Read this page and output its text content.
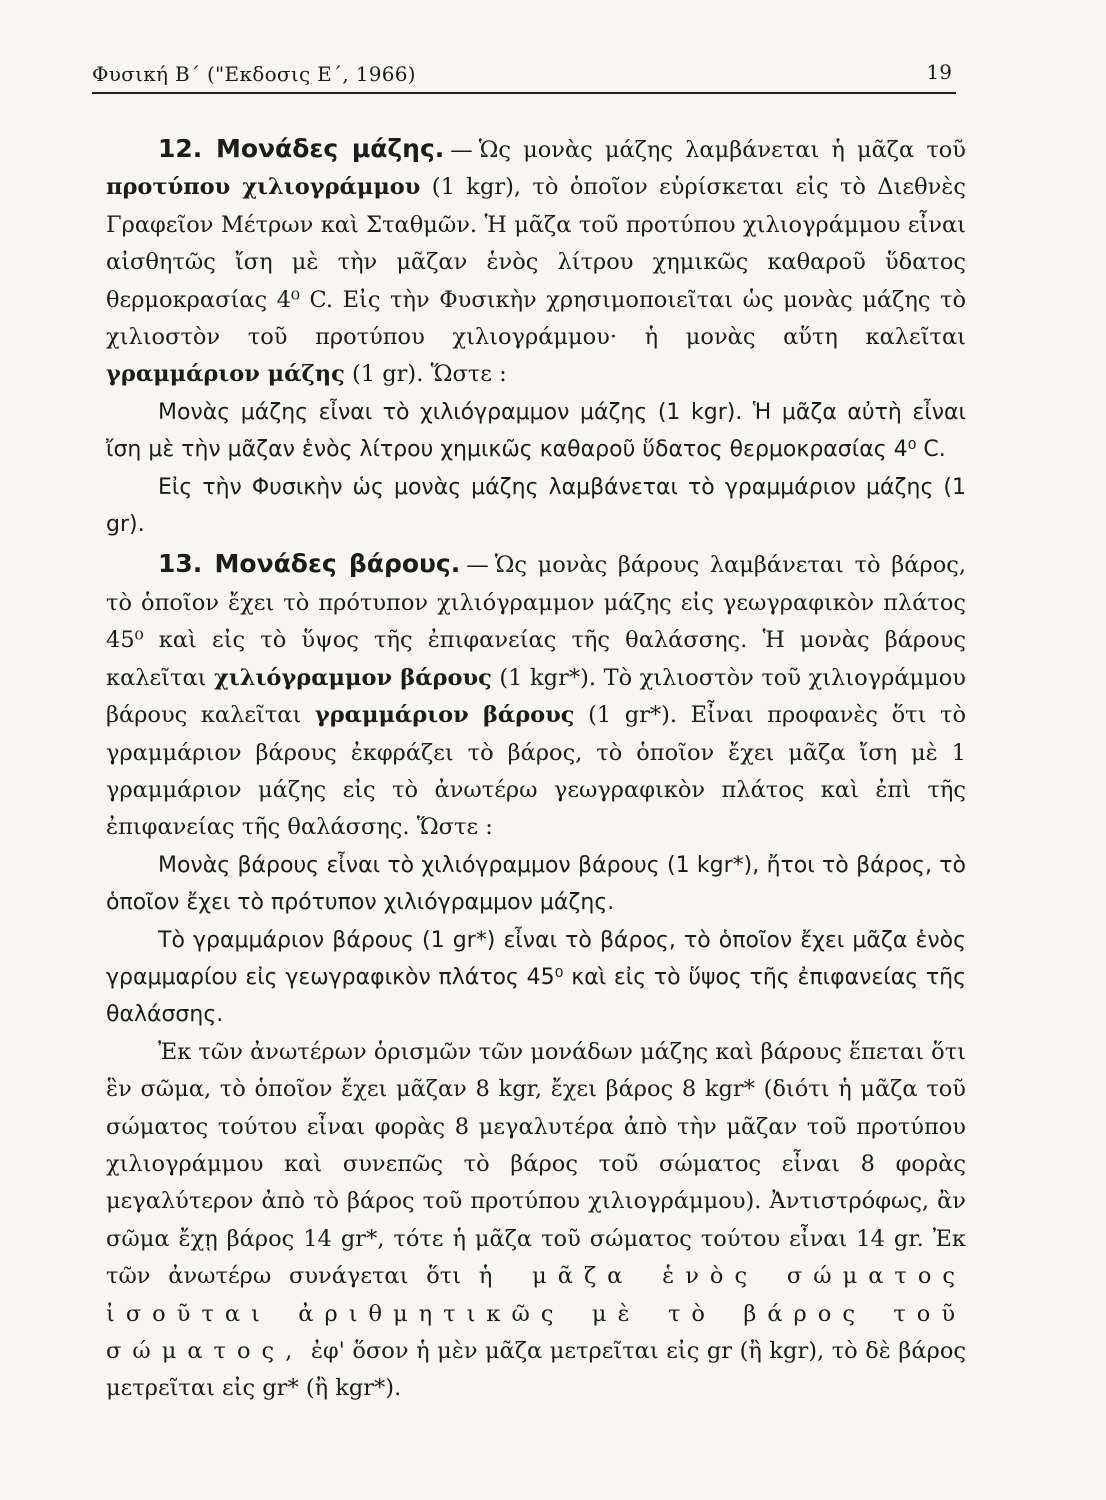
Φυσική Β΄ ("Εκδοσις Ε΄, 1966)	19

12. Μονάδες μάζης. — Ὡς μονὰς μάζης λαμβάνεται ἡ μᾶζα τοῦ προτύπου χιλιογράμμου (1 kgr), τὸ ὁποῖον εὑρίσκεται εἰς τὸ Διεθνὲς Γραφεῖον Μέτρων καὶ Σταθμῶν. Ἡ μᾶζα τοῦ προτύπου χιλιογράμμου εἶναι αἰσθητῶς ἴση μὲ τὴν μᾶζαν ἑνὸς λίτρου χημικῶς καθαροῦ ὕδατος θερμοκρασίας 4⁰ C. Εἰς τὴν Φυσικὴν χρησιμοποιεῖται ὡς μονὰς μάζης τὸ χιλιοστὸν τοῦ προτύπου χιλιογράμμου· ἡ μονὰς αὕτη καλεῖται γραμμάριον μάζης (1 gr). Ὥστε :

Μονὰς μάζης εἶναι τὸ χιλιόγραμμον μάζης (1 kgr). Ἡ μᾶζα αὐτὴ εἶναι ἴση μὲ τὴν μᾶζαν ἑνὸς λίτρου χημικῶς καθαροῦ ὕδατος θερμοκρασίας 4⁰ C.

Εἰς τὴν Φυσικὴν ὡς μονὰς μάζης λαμβάνεται τὸ γραμμάριον μάζης (1 gr).

13. Μονάδες βάρους. — Ὡς μονὰς βάρους λαμβάνεται τὸ βάρος, τὸ ὁποῖον ἔχει τὸ πρότυπον χιλιόγραμμον μάζης εἰς γεωγραφικὸν πλάτος 45⁰ καὶ εἰς τὸ ὕψος τῆς ἐπιφανείας τῆς θαλάσσης. Ἡ μονὰς βάρους καλεῖται χιλιόγραμμον βάρους (1 kgr*). Τὸ χιλιοστὸν τοῦ χιλιογράμμου βάρους καλεῖται γραμμάριον βάρους (1 gr*). Εἶναι προφανὲς ὅτι τὸ γραμμάριον βάρους ἐκφράζει τὸ βάρος, τὸ ὁποῖον ἔχει μᾶζα ἴση μὲ 1 γραμμάριον μάζης εἰς τὸ ἀνωτέρω γεωγραφικὸν πλάτος καὶ ἐπὶ τῆς ἐπιφανείας τῆς θαλάσσης. Ὥστε :

Μονὰς βάρους εἶναι τὸ χιλιόγραμμον βάρους (1 kgr*), ἤτοι τὸ βάρος, τὸ ὁποῖον ἔχει τὸ πρότυπον χιλιόγραμμον μάζης.

Τὸ γραμμάριον βάρους (1 gr*) εἶναι τὸ βάρος, τὸ ὁποῖον ἔχει μᾶζα ἑνὸς γραμμαρίου εἰς γεωγραφικὸν πλάτος 45⁰ καὶ εἰς τὸ ὕψος τῆς ἐπιφανείας τῆς θαλάσσης.

Ἐκ τῶν ἀνωτέρων ὁρισμῶν τῶν μονάδων μάζης καὶ βάρους ἕπεται ὅτι ἓν σῶμα, τὸ ὁποῖον ἔχει μᾶζαν 8 kgr, ἔχει βάρος 8 kgr* (διότι ἡ μᾶζα τοῦ σώματος τούτου εἶναι φορὰς 8 μεγαλυτέρα ἀπὸ τὴν μᾶζαν τοῦ προτύπου χιλιογράμμου καὶ συνεπῶς τὸ βάρος τοῦ σώματος εἶναι 8 φορὰς μεγαλύτερον ἀπὸ τὸ βάρος τοῦ προτύπου χιλιογράμμου). Ἀντιστρόφως, ἂν σῶμα ἔχῃ βάρος 14 gr*, τότε ἡ μᾶζα τοῦ σώματος τούτου εἶναι 14 gr. Ἐκ τῶν ἀνωτέρω συνάγεται ὅτι ἡ μᾶζα ἑνὸς σώματος ἰσοῦται ἀριθμητικῶς μὲ τὸ βάρος τοῦ σώματος, ἐφ' ὅσον ἡ μὲν μᾶζα μετρεῖται εἰς gr (ἢ kgr), τὸ δὲ βάρος μετρεῖται εἰς gr* (ἢ kgr*).
